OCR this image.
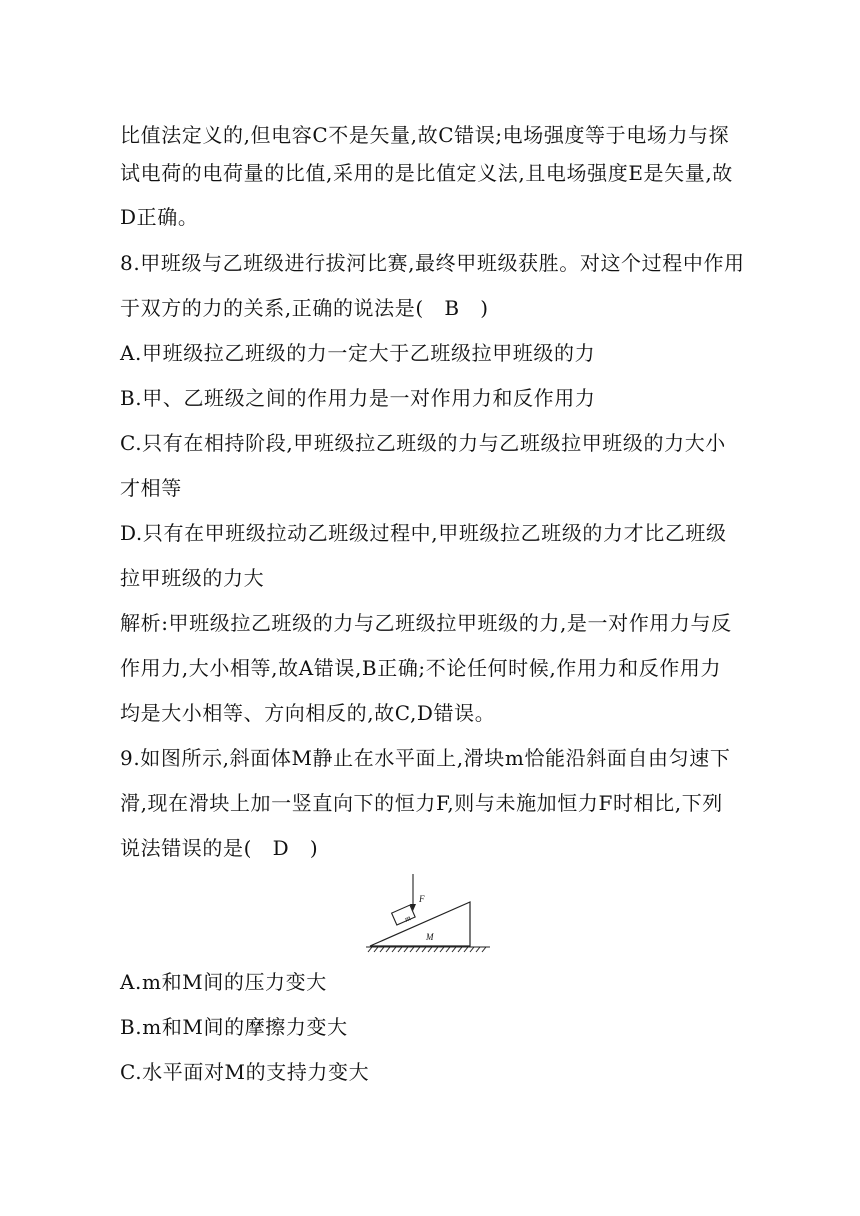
比值法定义的,但电容C不是矢量,故C错误;电场强度等于电场力与探
试电荷的电荷量的比值,采用的是比值定义法,且电场强度E是矢量,故
D正确。
8.甲班级与乙班级进行拔河比赛,最终甲班级获胜。对这个过程中作用
于双方的力的关系,正确的说法是(　B　)
A.甲班级拉乙班级的力一定大于乙班级拉甲班级的力
B.甲、乙班级之间的作用力是一对作用力和反作用力
C.只有在相持阶段,甲班级拉乙班级的力与乙班级拉甲班级的力大小
才相等
D.只有在甲班级拉动乙班级过程中,甲班级拉乙班级的力才比乙班级
拉甲班级的力大
解析:甲班级拉乙班级的力与乙班级拉甲班级的力,是一对作用力与反
作用力,大小相等,故A错误,B正确;不论任何时候,作用力和反作用力
均是大小相等、方向相反的,故C,D错误。
9.如图所示,斜面体M静止在水平面上,滑块m恰能沿斜面自由匀速下
滑,现在滑块上加一竖直向下的恒力F,则与未施加恒力F时相比,下列
说法错误的是(　D　)
F
m
M
A.m和M间的压力变大
B.m和M间的摩擦力变大
C.水平面对M的支持力变大
